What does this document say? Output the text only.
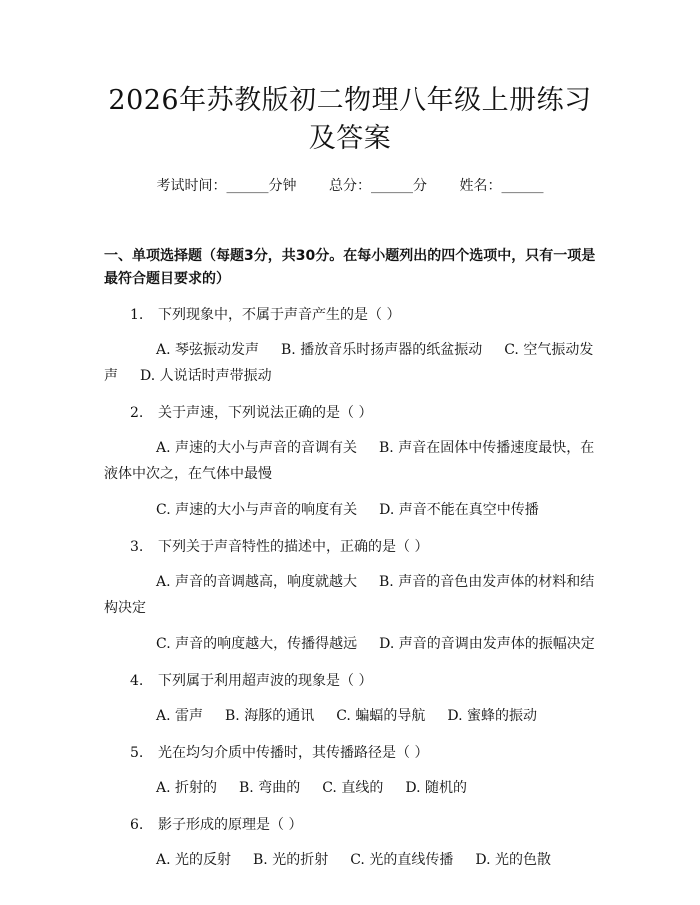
2026年苏教版初二物理八年级上册练习及答案
考试时间：______分钟 总分：______分 姓名：______
一、单项选择题（每题3分，共30分。在每小题列出的四个选项中，只有一项是最符合题目要求的）
1.	下列现象中，不属于声音产生的是（ ）
A. 琴弦振动发声 B. 播放音乐时扬声器的纸盆振动 C. 空气振动发声 D. 人说话时声带振动
2.	关于声速，下列说法正确的是（ ）
A. 声速的大小与声音的音调有关 B. 声音在固体中传播速度最快，在液体中次之，在气体中最慢
C. 声速的大小与声音的响度有关 D. 声音不能在真空中传播
3.	下列关于声音特性的描述中，正确的是（ ）
A. 声音的音调越高，响度就越大 B. 声音的音色由发声体的材料和结构决定
C. 声音的响度越大，传播得越远 D. 声音的音调由发声体的振幅决定
4.	下列属于利用超声波的现象是（ ）
A. 雷声 B. 海豚的通讯 C. 蝙蝠的导航 D. 蜜蜂的振动
5.	光在均匀介质中传播时，其传播路径是（ ）
A. 折射的 B. 弯曲的 C. 直线的 D. 随机的
6.	影子形成的原理是（ ）
A. 光的反射 B. 光的折射 C. 光的直线传播 D. 光的色散
